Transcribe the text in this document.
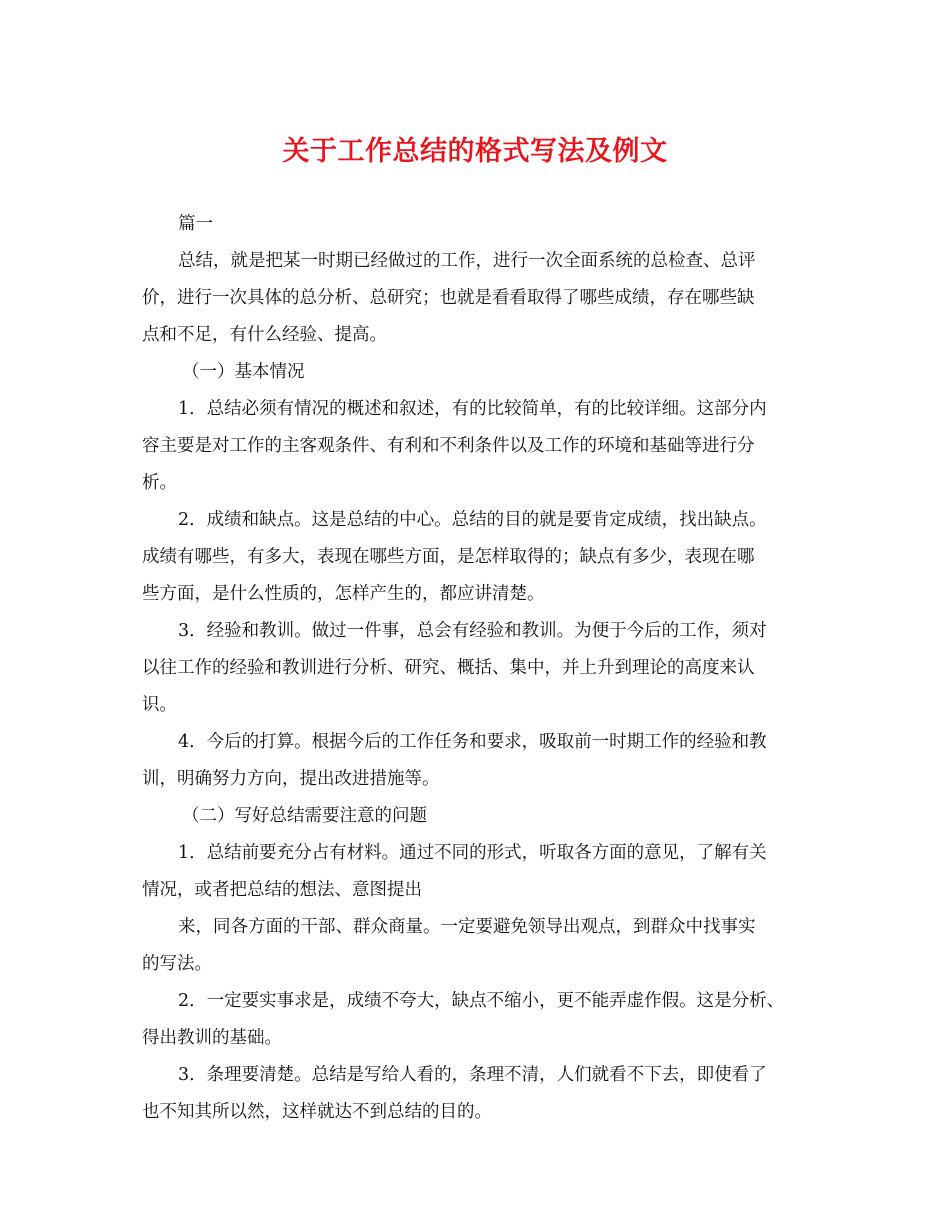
关于工作总结的格式写法及例文
篇一
总结，就是把某一时期已经做过的工作，进行一次全面系统的总检查、总评
价，进行一次具体的总分析、总研究；也就是看看取得了哪些成绩，存在哪些缺
点和不足，有什么经验、提高。
（一）基本情况
1．总结必须有情况的概述和叙述，有的比较简单，有的比较详细。这部分内
容主要是对工作的主客观条件、有利和不利条件以及工作的环境和基础等进行分
析。
2．成绩和缺点。这是总结的中心。总结的目的就是要肯定成绩，找出缺点。
成绩有哪些，有多大，表现在哪些方面，是怎样取得的；缺点有多少，表现在哪
些方面，是什么性质的，怎样产生的，都应讲清楚。
3．经验和教训。做过一件事，总会有经验和教训。为便于今后的工作，须对
以往工作的经验和教训进行分析、研究、概括、集中，并上升到理论的高度来认
识。
4．今后的打算。根据今后的工作任务和要求，吸取前一时期工作的经验和教
训，明确努力方向，提出改进措施等。
（二）写好总结需要注意的问题
1．总结前要充分占有材料。通过不同的形式，听取各方面的意见，了解有关
情况，或者把总结的想法、意图提出
来，同各方面的干部、群众商量。一定要避免领导出观点，到群众中找事实
的写法。
2．一定要实事求是，成绩不夸大，缺点不缩小，更不能弄虚作假。这是分析、
得出教训的基础。
3．条理要清楚。总结是写给人看的，条理不清，人们就看不下去，即使看了
也不知其所以然，这样就达不到总结的目的。
